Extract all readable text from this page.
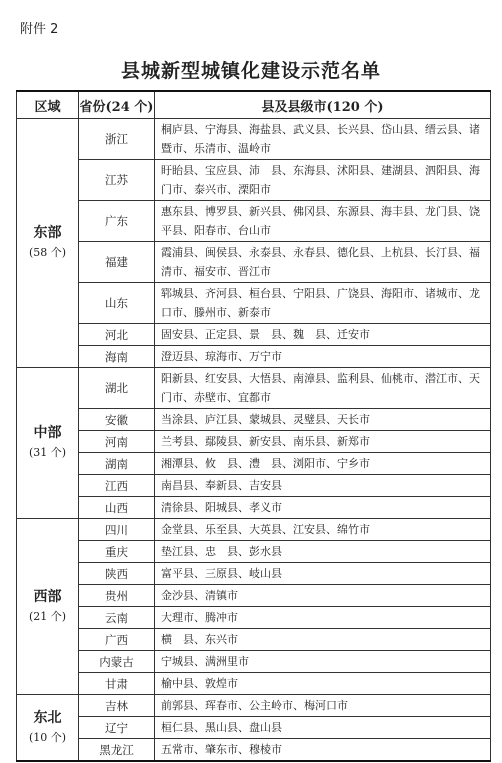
附件 2
县城新型城镇化建设示范名单
区域	省份(24 个)	县及县级市(120 个)
东部
(58 个)	浙江	桐庐县、宁海县、海盐县、武义县、长兴县、岱山县、缙云县、诸暨市、乐清市、温岭市
	江苏	盱眙县、宝应县、沛　县、东海县、沭阳县、建湖县、泗阳县、海门市、泰兴市、溧阳市
	广东	惠东县、博罗县、新兴县、佛冈县、东源县、海丰县、龙门县、饶平县、阳春市、台山市
	福建	霞浦县、闽侯县、永泰县、永春县、德化县、上杭县、长汀县、福清市、福安市、晋江市
	山东	郓城县、齐河县、桓台县、宁阳县、广饶县、海阳市、诸城市、龙口市、滕州市、新泰市
	河北	固安县、正定县、景　县、魏　县、迁安市
	海南	澄迈县、琼海市、万宁市
中部
(31 个)	湖北	阳新县、红安县、大悟县、南漳县、监利县、仙桃市、潜江市、天门市、赤壁市、宜都市
	安徽	当涂县、庐江县、蒙城县、灵璧县、天长市
	河南	兰考县、鄢陵县、新安县、南乐县、新郑市
	湖南	湘潭县、攸　县、澧　县、浏阳市、宁乡市
	江西	南昌县、奉新县、吉安县
	山西	清徐县、阳城县、孝义市
西部
(21 个)	四川	金堂县、乐至县、大英县、江安县、绵竹市
	重庆	垫江县、忠　县、彭水县
	陕西	富平县、三原县、岐山县
	贵州	金沙县、清镇市
	云南	大理市、腾冲市
	广西	横　县、东兴市
	内蒙古	宁城县、满洲里市
	甘肃	榆中县、敦煌市
东北
(10 个)	吉林	前郭县、珲春市、公主岭市、梅河口市
	辽宁	桓仁县、黑山县、盘山县
	黑龙江	五常市、肇东市、穆棱市
